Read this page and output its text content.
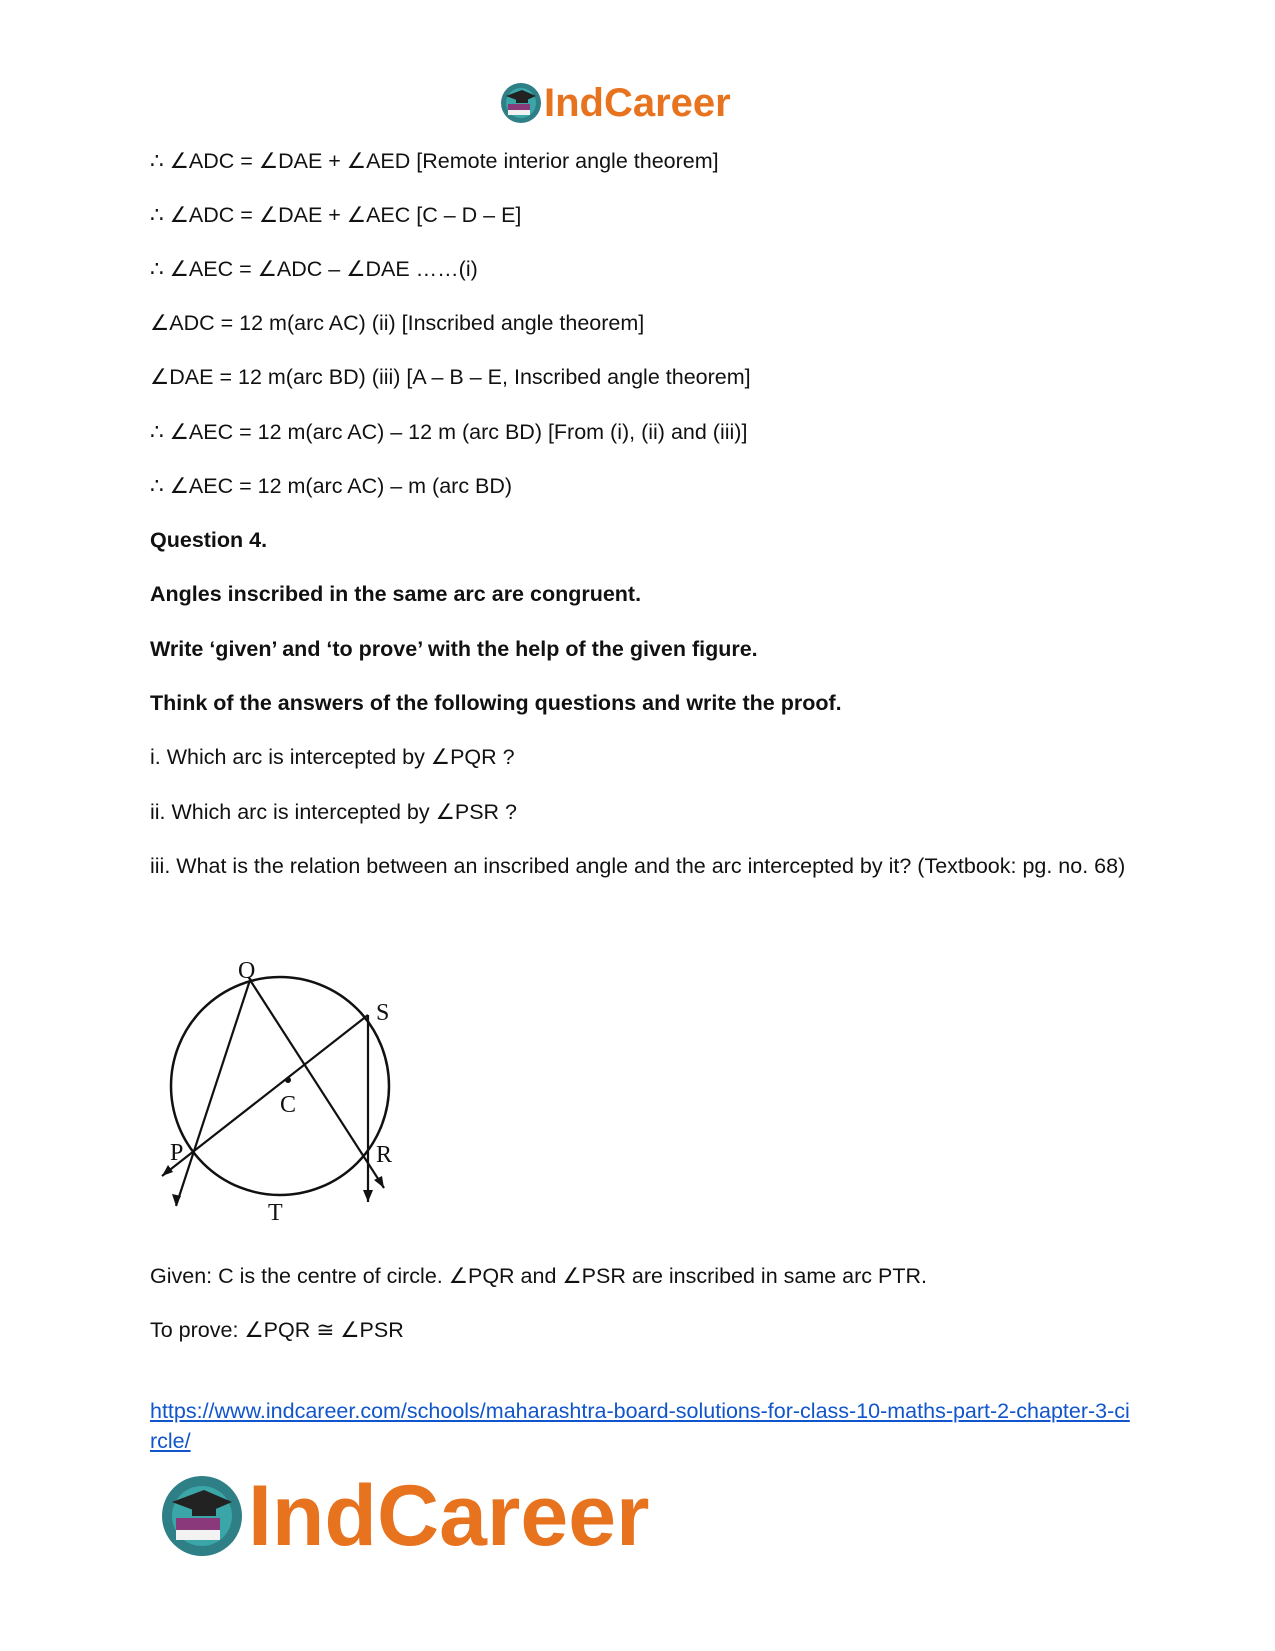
IndCareer
∴ ∠ADC = ∠DAE + ∠AED [Remote interior angle theorem]
∴ ∠ADC = ∠DAE + ∠AEC [C – D – E]
∴ ∠AEC = ∠ADC – ∠DAE ……(i)
∠ADC = 12 m(arc AC) (ii) [Inscribed angle theorem]
∠DAE = 12 m(arc BD) (iii) [A – B – E, Inscribed angle theorem]
∴ ∠AEC = 12 m(arc AC) – 12 m (arc BD) [From (i), (ii) and (iii)]
∴ ∠AEC = 12 m(arc AC) – m (arc BD)
Question 4.
Angles inscribed in the same arc are congruent.
Write ‘given’ and ‘to prove’ with the help of the given figure.
Think of the answers of the following questions and write the proof.
i. Which arc is intercepted by ∠PQR ?
ii. Which arc is intercepted by ∠PSR ?
iii. What is the relation between an inscribed angle and the arc intercepted by it? (Textbook: pg. no. 68)
Q
S
C
P	R
T
Given: C is the centre of circle. ∠PQR and ∠PSR are inscribed in same arc PTR.
To prove: ∠PQR ≅ ∠PSR
https://www.indcareer.com/schools/maharashtra-board-solutions-for-class-10-maths-part-2-chapter-3-circle/
IndCareer
